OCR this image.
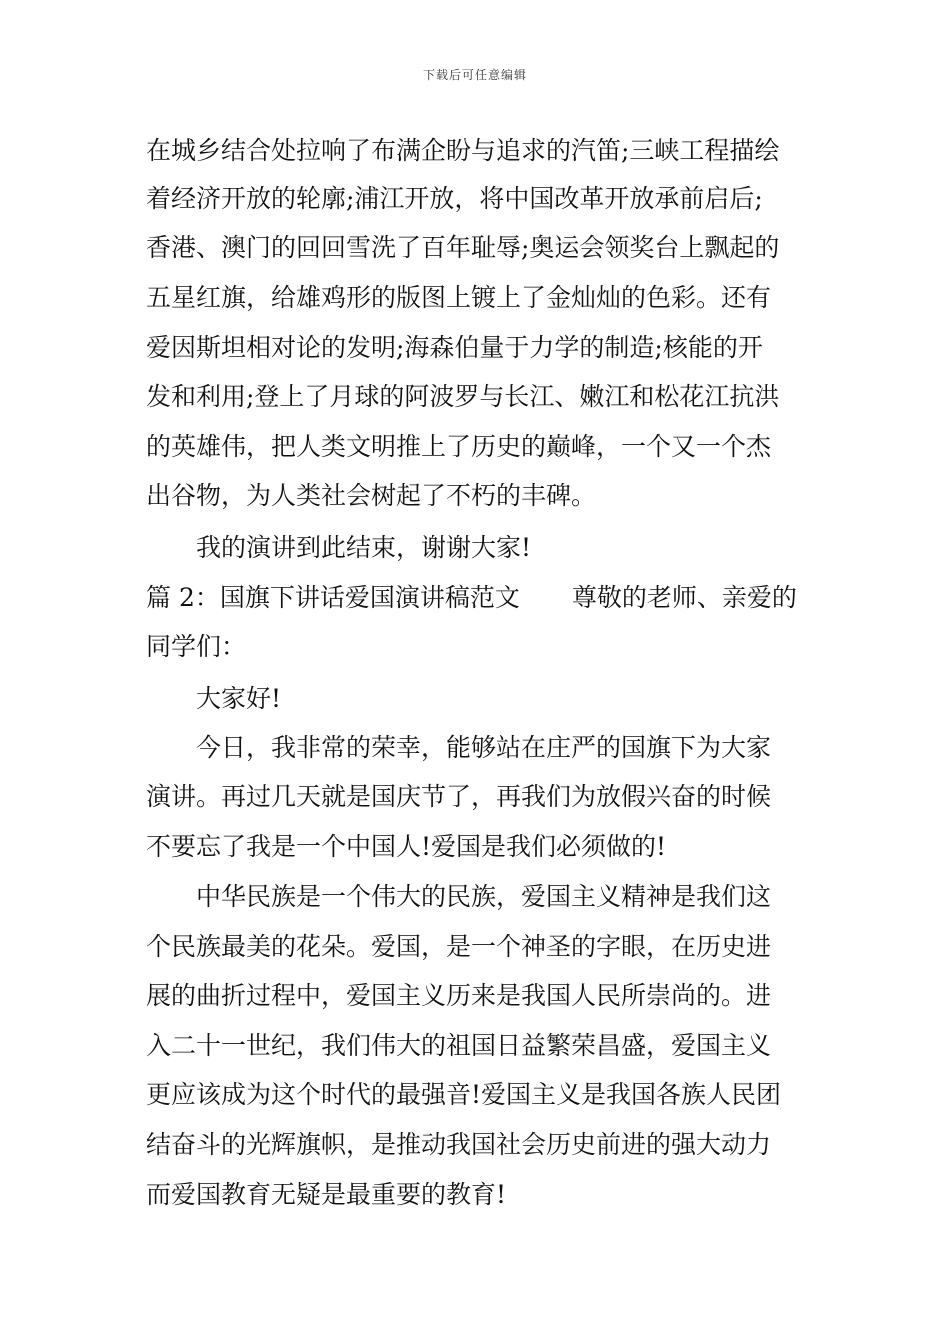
下载后可任意编辑
在城乡结合处拉响了布满企盼与追求的汽笛;三峡工程描绘
着经济开放的轮廓;浦江开放，将中国改革开放承前启后;
香港、澳门的回回雪洗了百年耻辱;奥运会领奖台上飘起的
五星红旗，给雄鸡形的版图上镀上了金灿灿的色彩。还有
爱因斯坦相对论的发明;海森伯量于力学的制造;核能的开
发和利用;登上了月球的阿波罗与长江、嫩江和松花江抗洪
的英雄伟，把人类文明推上了历史的巅峰，一个又一个杰
出谷物，为人类社会树起了不朽的丰碑。
我的演讲到此结束，谢谢大家!
篇 2：国旗下讲话爱国演讲稿范文 尊敬的老师、亲爱的
同学们：
大家好!
今日，我非常的荣幸，能够站在庄严的国旗下为大家
演讲。再过几天就是国庆节了，再我们为放假兴奋的时候
不要忘了我是一个中国人!爱国是我们必须做的!
中华民族是一个伟大的民族，爱国主义精神是我们这
个民族最美的花朵。爱国，是一个神圣的字眼，在历史进
展的曲折过程中，爱国主义历来是我国人民所崇尚的。进
入二十一世纪，我们伟大的祖国日益繁荣昌盛，爱国主义
更应该成为这个时代的最强音!爱国主义是我国各族人民团
结奋斗的光辉旗帜，是推动我国社会历史前进的强大动力
而爱国教育无疑是最重要的教育!
